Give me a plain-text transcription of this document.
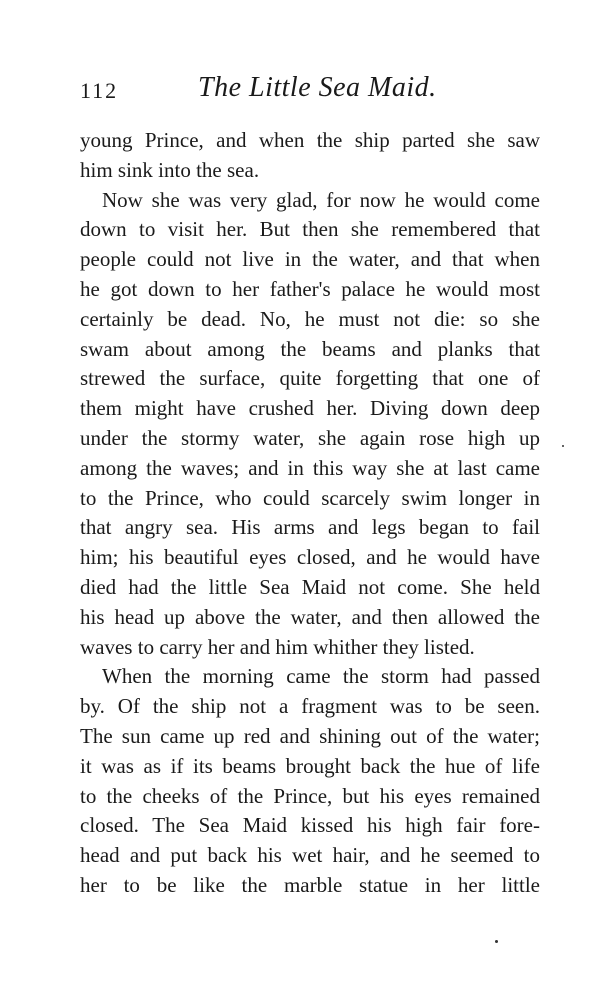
112	The Little Sea Maid.
young Prince, and when the ship parted she saw
him sink into the sea.
Now she was very glad, for now he would come
down to visit her. But then she remembered that
people could not live in the water, and that when
he got down to her father's palace he would most
certainly be dead. No, he must not die: so she
swam about among the beams and planks that
strewed the surface, quite forgetting that one of
them might have crushed her. Diving down deep
under the stormy water, she again rose high up
among the waves; and in this way she at last came
to the Prince, who could scarcely swim longer in
that angry sea. His arms and legs began to fail
him; his beautiful eyes closed, and he would have
died had the little Sea Maid not come. She held
his head up above the water, and then allowed the
waves to carry her and him whither they listed.
When the morning came the storm had passed
by. Of the ship not a fragment was to be seen.
The sun came up red and shining out of the water;
it was as if its beams brought back the hue of life
to the cheeks of the Prince, but his eyes remained
closed. The Sea Maid kissed his high fair fore-
head and put back his wet hair, and he seemed to
her to be like the marble statue in her little
